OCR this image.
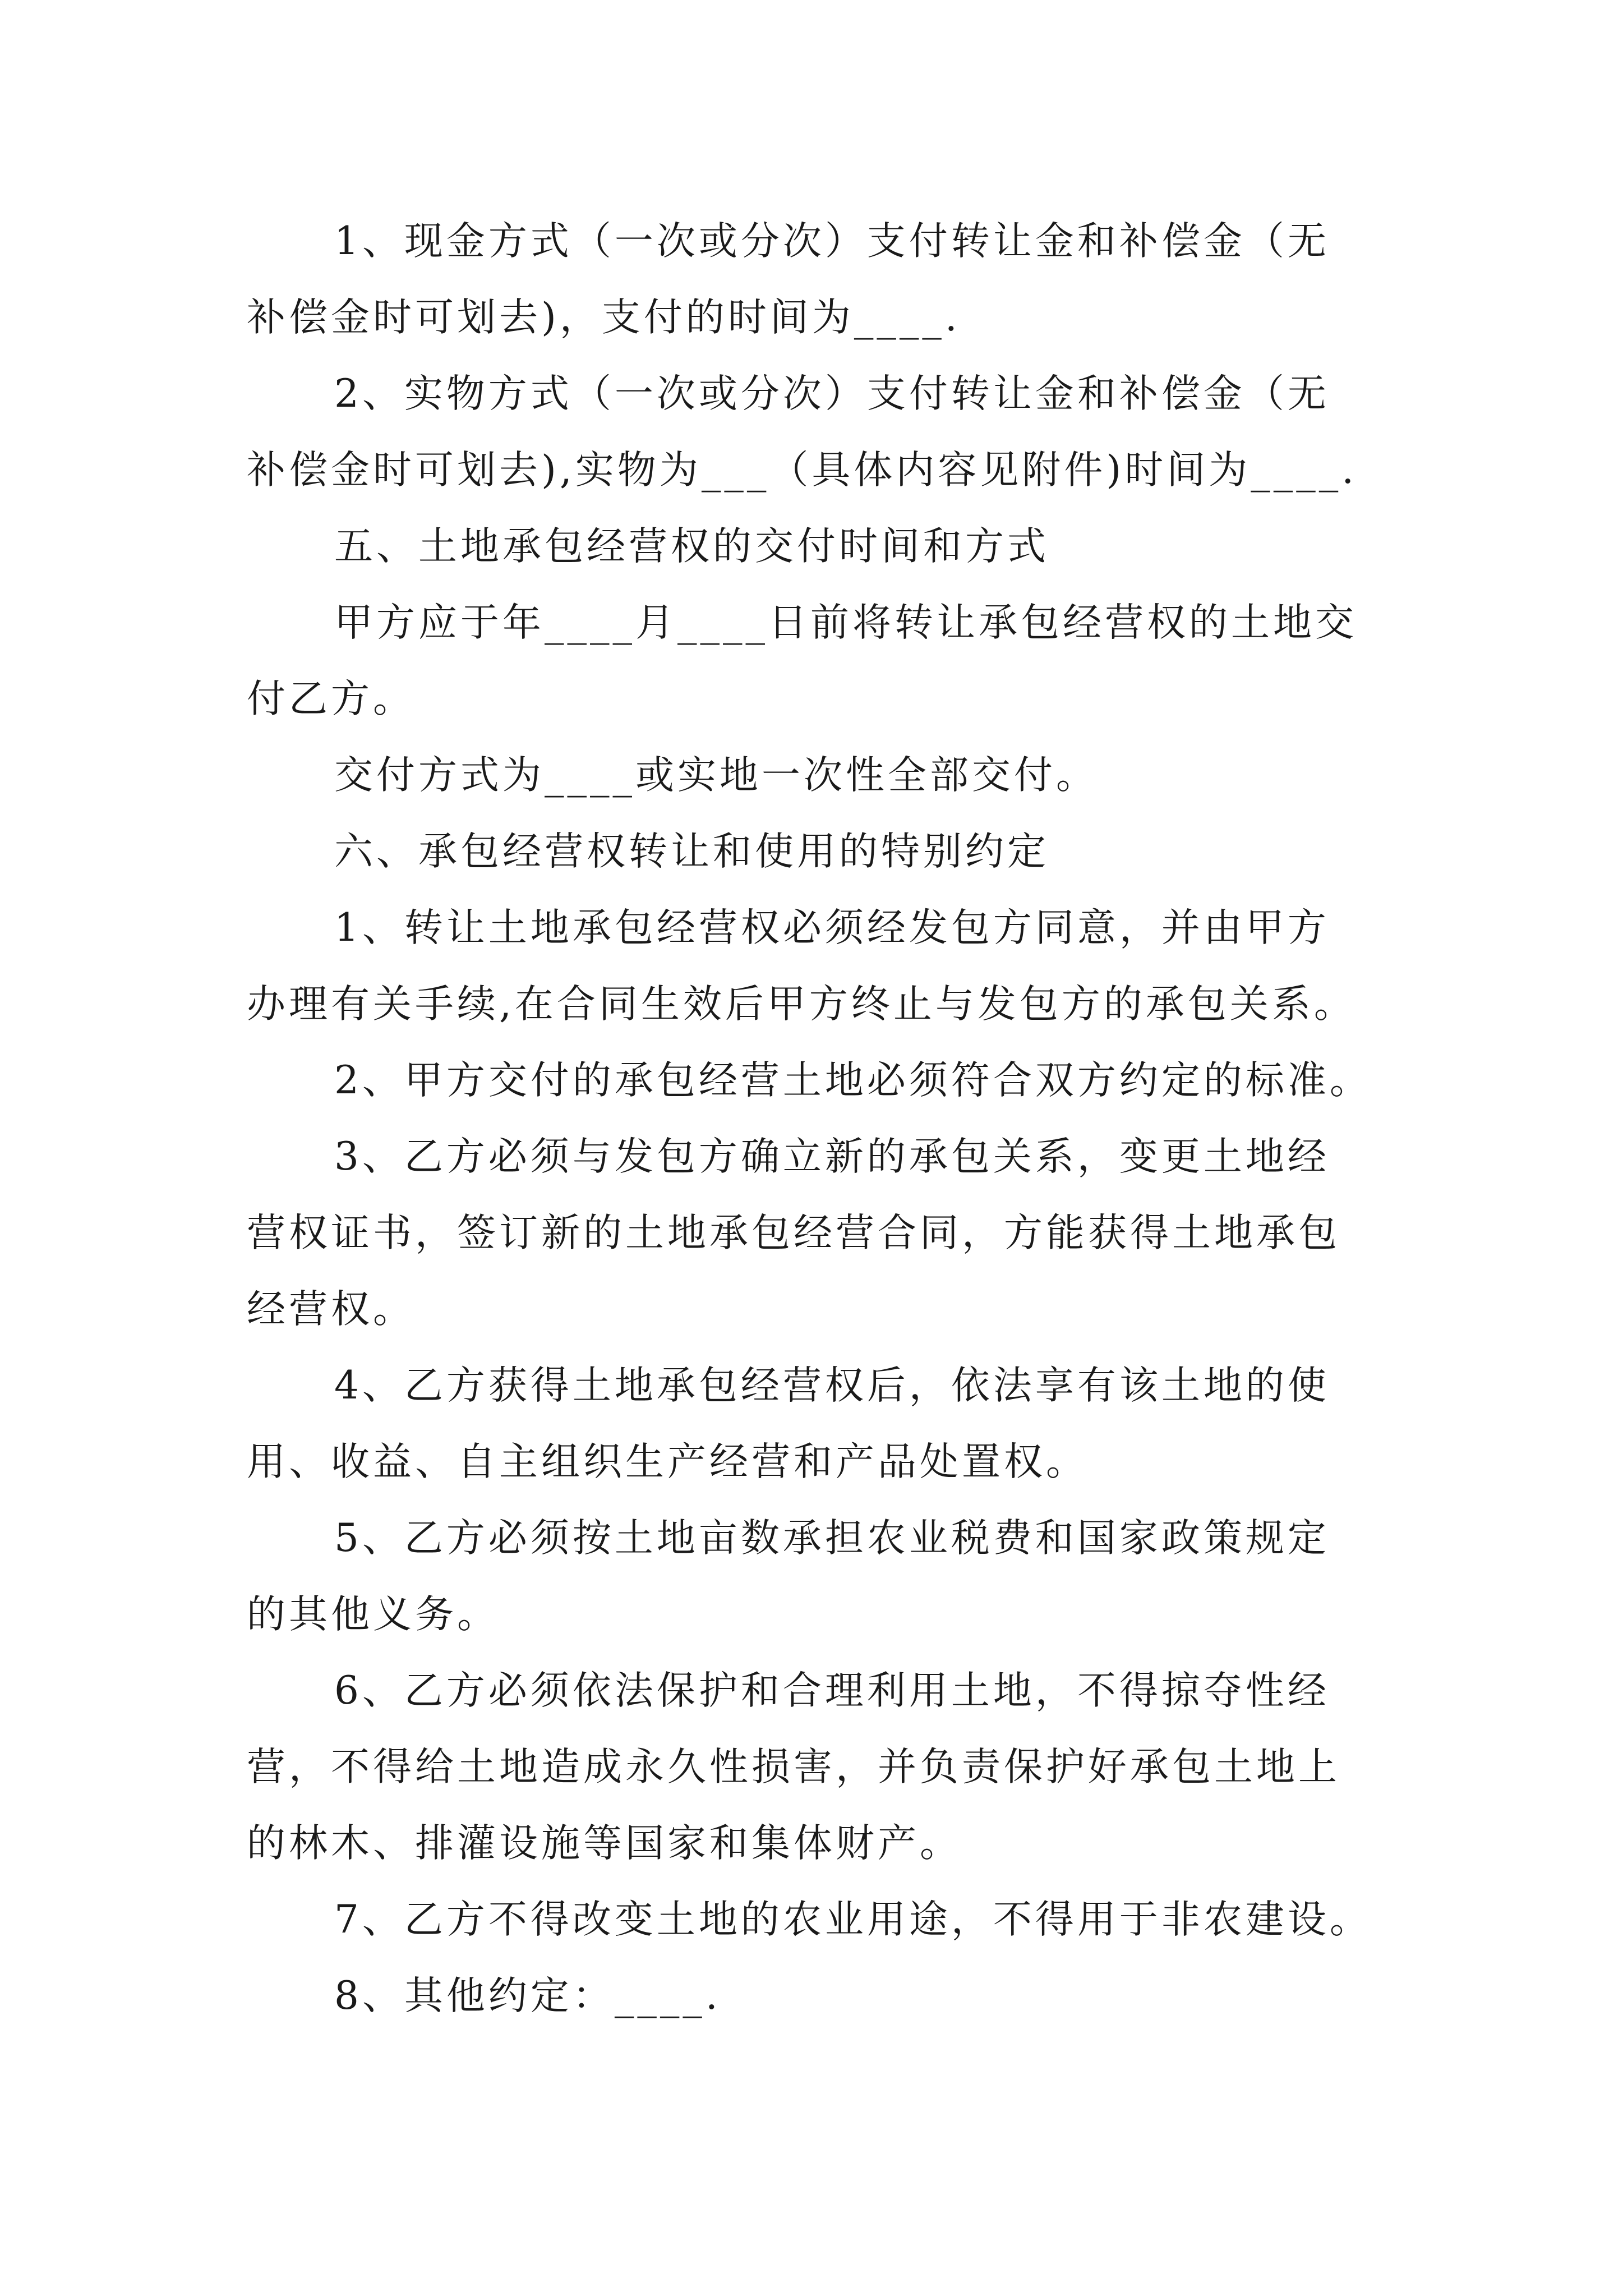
1、现金方式（一次或分次）支付转让金和补偿金（无
补偿金时可划去)，支付的时间为____.
2、实物方式（一次或分次）支付转让金和补偿金（无
补偿金时可划去),实物为___（具体内容见附件)时间为____.
五、土地承包经营权的交付时间和方式
甲方应于年____月____日前将转让承包经营权的土地交
付乙方。
交付方式为____或实地一次性全部交付。
六、承包经营权转让和使用的特别约定
1、转让土地承包经营权必须经发包方同意，并由甲方
办理有关手续,在合同生效后甲方终止与发包方的承包关系。
2、甲方交付的承包经营土地必须符合双方约定的标准。
3、乙方必须与发包方确立新的承包关系，变更土地经
营权证书，签订新的土地承包经营合同，方能获得土地承包
经营权。
4、乙方获得土地承包经营权后，依法享有该土地的使
用、收益、自主组织生产经营和产品处置权。
5、乙方必须按土地亩数承担农业税费和国家政策规定
的其他义务。
6、乙方必须依法保护和合理利用土地，不得掠夺性经
营，不得给土地造成永久性损害，并负责保护好承包土地上
的林木、排灌设施等国家和集体财产。
7、乙方不得改变土地的农业用途，不得用于非农建设。
8、其他约定：____.
